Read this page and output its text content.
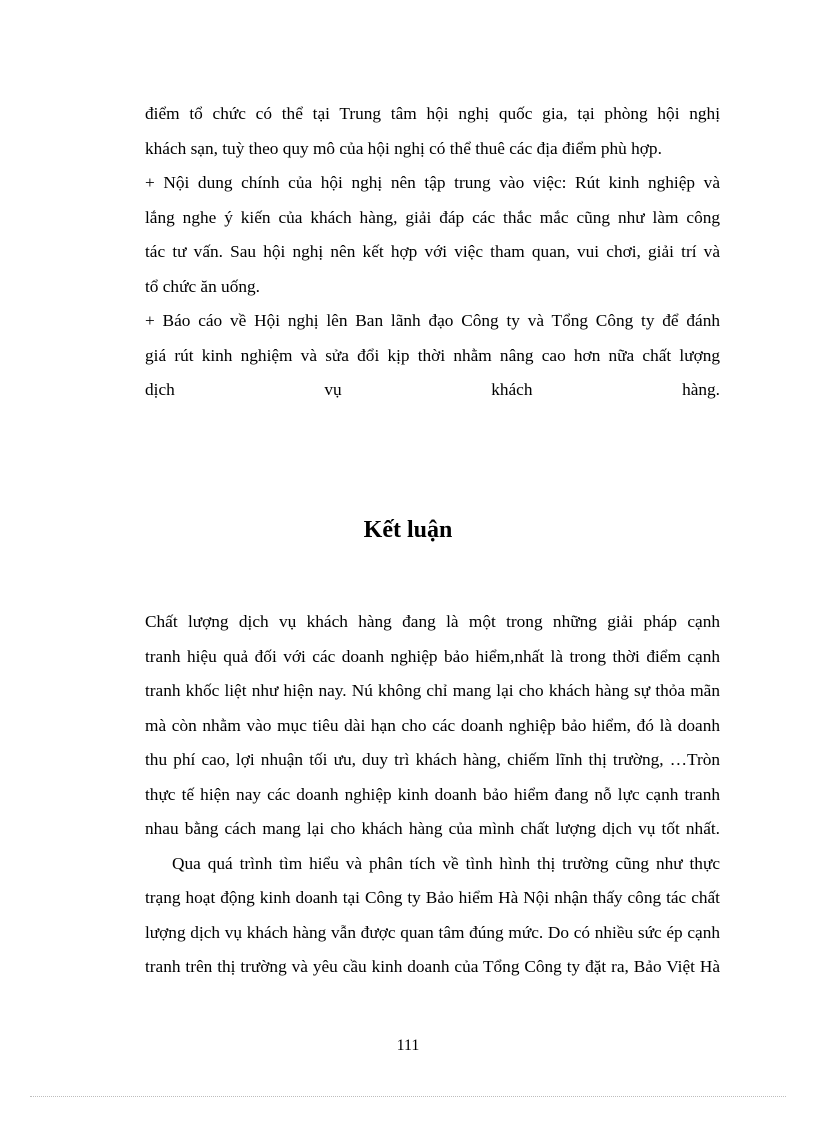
điểm tổ chức có thể tại Trung tâm hội nghị quốc gia, tại phòng hội nghị
khách sạn, tuỳ theo quy mô của hội nghị có thể thuê các địa điểm phù hợp.
+ Nội dung chính của hội nghị nên tập trung vào việc: Rút kinh nghiệp và
lắng nghe ý kiến của khách hàng, giải đáp các thắc mắc cũng như làm công
tác tư vấn. Sau hội nghị nên kết hợp với việc tham quan, vui chơi, giải trí và
tổ chức ăn uống.
+ Báo cáo về Hội nghị lên Ban lãnh đạo Công ty và Tổng Công ty để đánh
giá rút kinh nghiệm và sửa đổi kịp thời nhằm nâng cao hơn nữa chất lượng
dịch vụ khách hàng.
Kết luận
Chất lượng dịch vụ khách hàng đang là một trong những giải pháp cạnh
tranh hiệu quả đối với các doanh nghiệp bảo hiểm,nhất là trong thời điểm cạnh
tranh khốc liệt như hiện nay. Nú không chỉ mang lại cho khách hàng sự thỏa mãn
mà còn nhằm vào mục tiêu dài hạn cho các doanh nghiệp bảo hiểm, đó là doanh
thu phí cao, lợi nhuận tối ưu, duy trì khách hàng, chiếm lĩnh thị trường, …Tròn
thực tế hiện nay các doanh nghiệp kinh doanh bảo hiểm đang nỗ lực cạnh tranh
nhau bằng cách mang lại cho khách hàng của mình chất lượng dịch vụ tốt nhất.
Qua quá trình tìm hiểu và phân tích về tình hình thị trường cũng như thực
trạng hoạt động kinh doanh tại Công ty Bảo hiểm Hà Nội nhận thấy công tác chất
lượng dịch vụ khách hàng vẫn được quan tâm đúng mức. Do có nhiều sức ép cạnh
tranh trên thị trường và yêu cầu kinh doanh của Tổng Công ty đặt ra, Bảo Việt Hà
111
